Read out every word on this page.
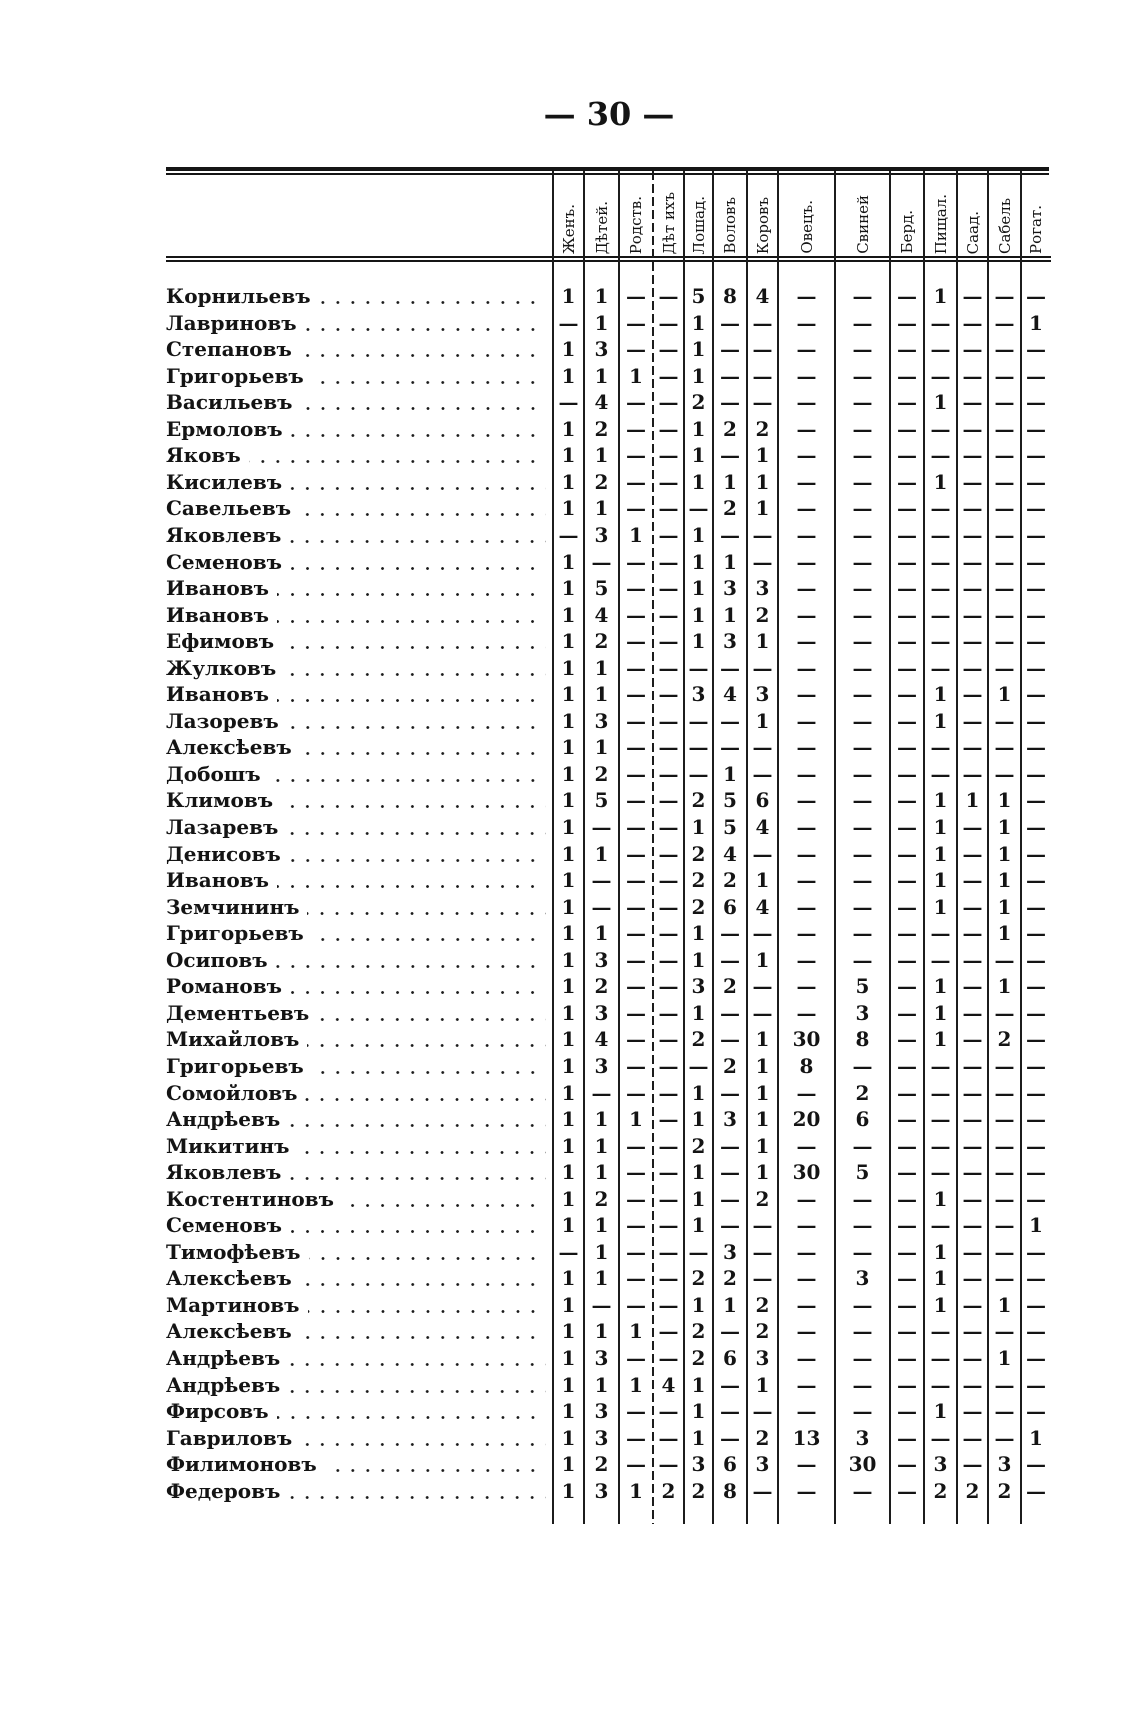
— 30 —
Корнильевъ	1 1 — — 5 8 4	—	—	— 1 — — —
Лавриновъ	— 1 — — 1 — —	—	—	— — — — 1
Степановъ	1 3 — — 1 — —	—	—	— — — — —
Григорьевъ	1 1	1 — 1 — —	—	—	— — — — —
Васильевъ	— 4 — — 2 — —	—	—	— 1 — — —
Ермоловъ	1 2 — — 1 2 2	—	—	— — — — —
Яковъ	1 1 — — 1 — 1	—	—	— — — — —
Кисилевъ	1 2 — — 1 1 1	—	—	— 1 — — —
Савельевъ	1 1 — — — 2 1	—	—	— — — — —
Яковлевъ	— 3	1 — 1 — —	—	—	— — — — —
Семеновъ	1 — — — 1 1 —	—	—	— — — — —
Ивановъ	1 5 — — 1 3 3	—	—	— — — — —
Ивановъ	1 4 — — 1 1 2	—	—	— — — — —
Ефимовъ	1 2 — — 1 3 1	—	—	— — — — —
Жулковъ	1 1 — — — — —	—	—	— — — — —
Ивановъ	1 1 — — 3 4 3	—	—	— 1 — 1 —
Лазоревъ	1 3 — — — — 1	—	—	— 1 — — —
Алексѣевъ	1 1 — — — — —	—	—	— — — — —
Добошъ	1 2 — — — 1 —	—	—	— — — — —
Климовъ	1 5 — — 2 5 6	—	—	— 1 1 1 —
Лазаревъ	1 — — — 1 5 4	—	—	— 1 — 1 —
Денисовъ	1 1 — — 2 4 —	—	—	— 1 — 1 —
Ивановъ	1 — — — 2 2 1	—	—	— 1 — 1 —
Земчининъ	1 — — — 2 6 4	—	—	— 1 — 1 —
Григорьевъ	1 1 — — 1 — —	—	—	— — — 1 —
Осиповъ	1 3 — — 1 — 1	—	—	— — — — —
Романовъ	1 2 — — 3 2 —	—	5	— 1 — 1 —
Дементьевъ	1 3 — — 1 — —	—	3	— 1 — — —
Михайловъ	1 4 — — 2 — 1	30	8	— 1 — 2 —
Григорьевъ	1 3 — — — 2 1	8	—	— — — — —
Сомойловъ	1 — — — 1 — 1	—	2	— — — — —
Андрѣевъ	1 1	1 — 1 3 1	20	6	— — — — —
Микитинъ	1 1 — — 2 — 1	—	—	— — — — —
Яковлевъ	1 1 — — 1 — 1	30	5	— — — — —
Костентиновъ	1 2 — — 1 — 2	—	—	— 1 — — —
Семеновъ	1 1 — — 1 — —	—	—	— — — — 1
Тимофѣевъ	— 1 — — — 3 —	—	—	— 1 — — —
Алексѣевъ	1 1 — — 2 2 —	—	3	— 1 — — —
Мартиновъ	1 — — — 1 1 2	—	—	— 1 — 1 —
Алексѣевъ	1 1	1 — 2 — 2	—	—	— — — — —
Андрѣевъ	1 3 — — 2 6 3	—	—	— — — 1 —
Андрѣевъ	1 1	1 4 1 — 1	—	—	— — — — —
Фирсовъ	1 3 — — 1 — —	—	—	— 1 — — —
Гавриловъ	1 3 — — 1 — 2	13	3	— — — — 1
Филимоновъ	1 2 — — 3 6 3	—	30	— 3 — 3 —
Федеровъ	1 3	1 2 2 8 —	—	—	— 2 2 2 —
Женъ. Дѣтей. Родств. Дѣт ихъ Лошад. Воловъ Коровъ Овецъ.	Свиней Берд. Пищал. Саад. Сабель Рогат.
